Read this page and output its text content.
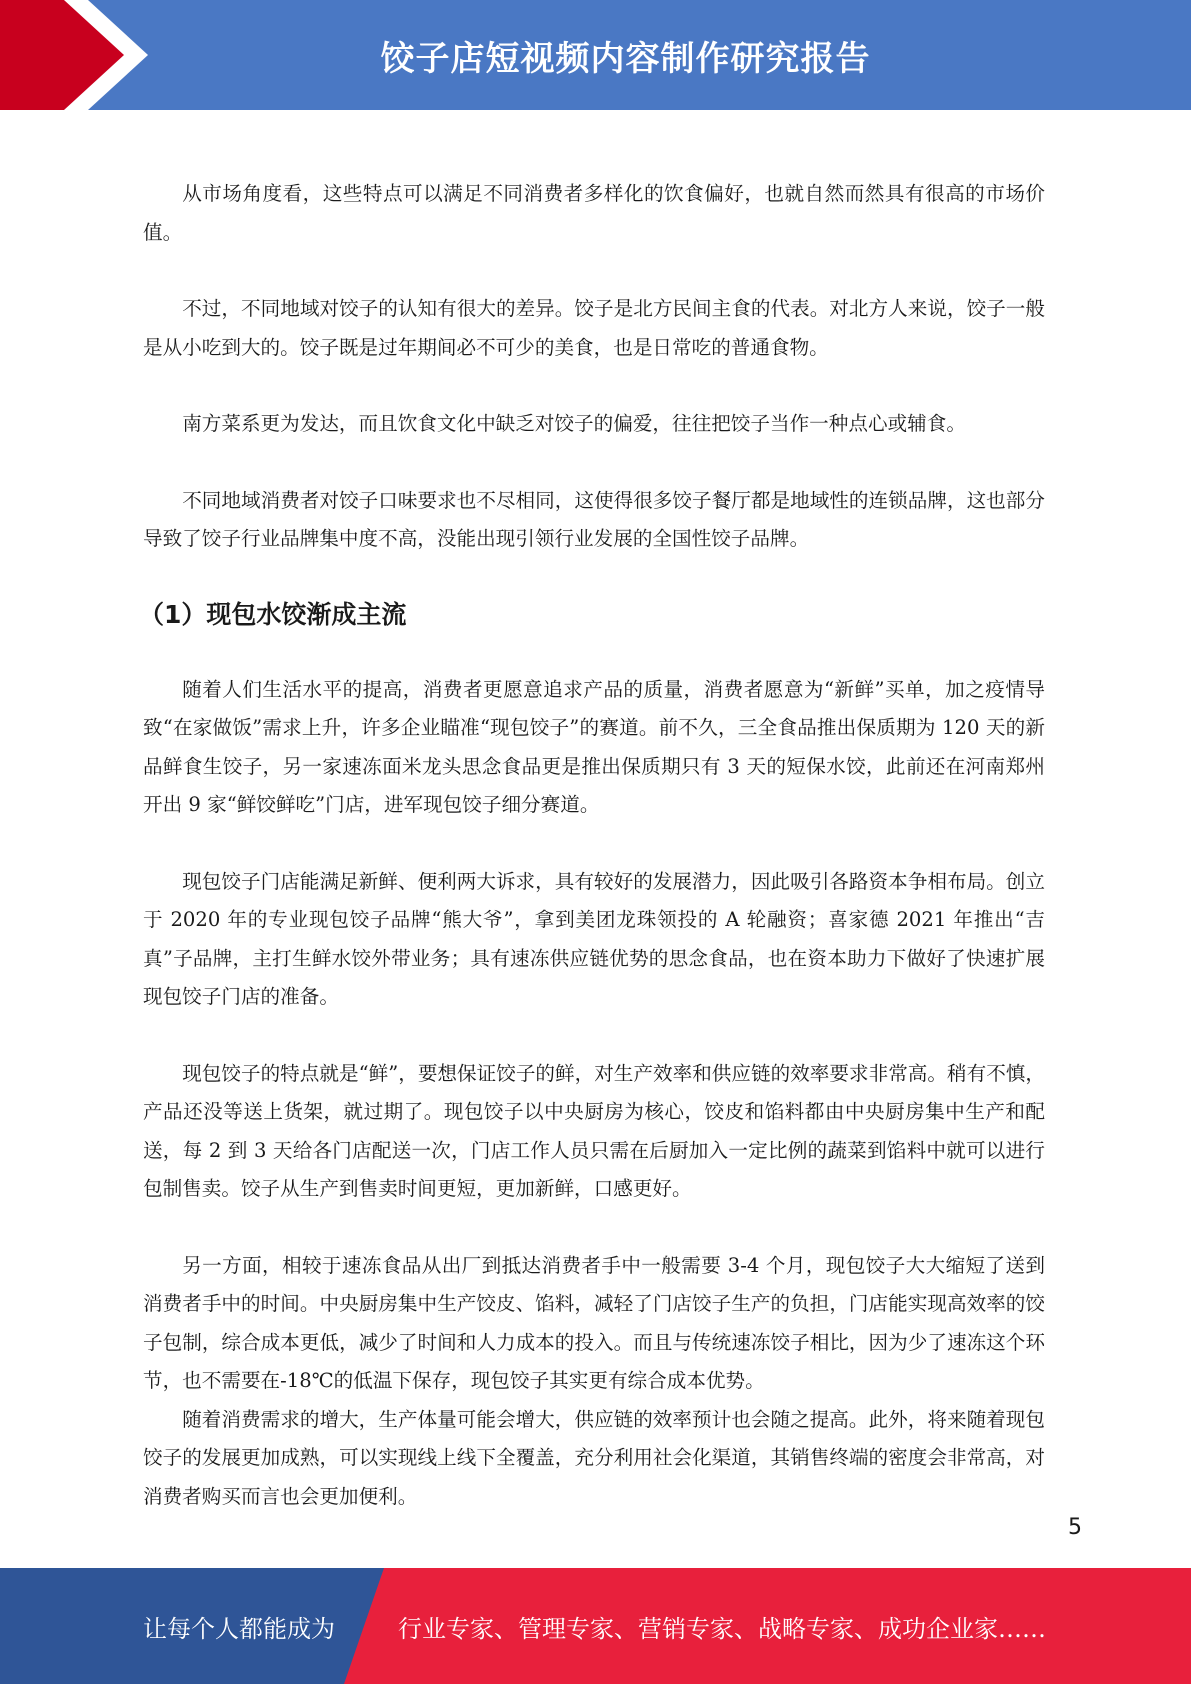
饺子店短视频内容制作研究报告

从市场角度看，这些特点可以满足不同消费者多样化的饮食偏好，也就自然而然具有很高的市场价值。

不过，不同地域对饺子的认知有很大的差异。饺子是北方民间主食的代表。对北方人来说，饺子一般是从小吃到大的。饺子既是过年期间必不可少的美食，也是日常吃的普通食物。

南方菜系更为发达，而且饮食文化中缺乏对饺子的偏爱，往往把饺子当作一种点心或辅食。

不同地域消费者对饺子口味要求也不尽相同，这使得很多饺子餐厅都是地域性的连锁品牌，这也部分导致了饺子行业品牌集中度不高，没能出现引领行业发展的全国性饺子品牌。

（1）现包水饺渐成主流

随着人们生活水平的提高，消费者更愿意追求产品的质量，消费者愿意为“新鲜”买单，加之疫情导致“在家做饭”需求上升，许多企业瞄准“现包饺子”的赛道。前不久，三全食品推出保质期为 120 天的新品鲜食生饺子，另一家速冻面米龙头思念食品更是推出保质期只有 3 天的短保水饺，此前还在河南郑州开出 9 家“鲜饺鲜吃”门店，进军现包饺子细分赛道。

现包饺子门店能满足新鲜、便利两大诉求，具有较好的发展潜力，因此吸引各路资本争相布局。创立于 2020 年的专业现包饺子品牌“熊大爷”，拿到美团龙珠领投的 A 轮融资；喜家德 2021 年推出“吉真”子品牌，主打生鲜水饺外带业务；具有速冻供应链优势的思念食品，也在资本助力下做好了快速扩展现包饺子门店的准备。

现包饺子的特点就是“鲜”，要想保证饺子的鲜，对生产效率和供应链的效率要求非常高。稍有不慎，产品还没等送上货架，就过期了。现包饺子以中央厨房为核心，饺皮和馅料都由中央厨房集中生产和配送，每 2 到 3 天给各门店配送一次，门店工作人员只需在后厨加入一定比例的蔬菜到馅料中就可以进行包制售卖。饺子从生产到售卖时间更短，更加新鲜，口感更好。

另一方面，相较于速冻食品从出厂到抵达消费者手中一般需要 3-4 个月，现包饺子大大缩短了送到消费者手中的时间。中央厨房集中生产饺皮、馅料，减轻了门店饺子生产的负担，门店能实现高效率的饺子包制，综合成本更低，减少了时间和人力成本的投入。而且与传统速冻饺子相比，因为少了速冻这个环节，也不需要在-18℃的低温下保存，现包饺子其实更有综合成本优势。

随着消费需求的增大，生产体量可能会增大，供应链的效率预计也会随之提高。此外，将来随着现包饺子的发展更加成熟，可以实现线上线下全覆盖，充分利用社会化渠道，其销售终端的密度会非常高，对消费者购买而言也会更加便利。

5
让每个人都能成为	行业专家、管理专家、营销专家、战略专家、成功企业家……
